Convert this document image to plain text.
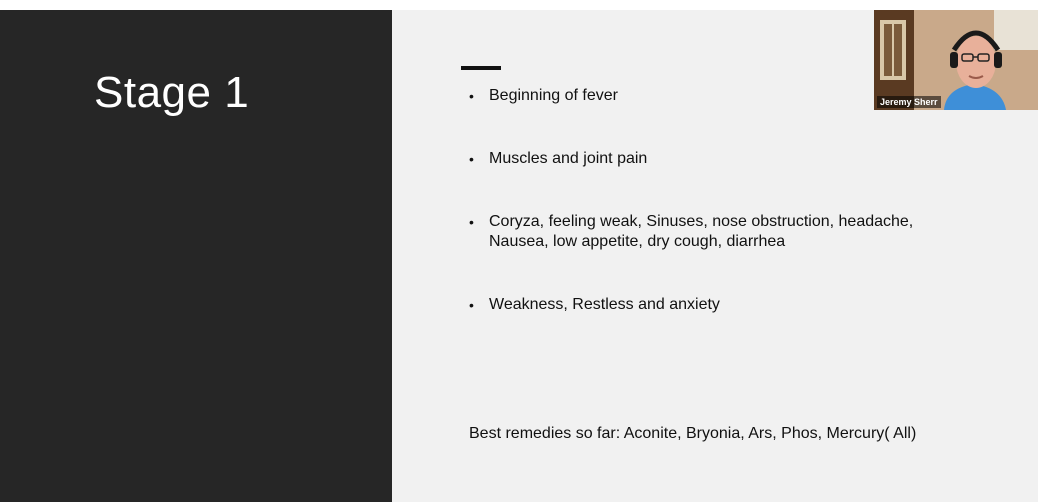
Stage 1	• Beginning of fever
• Muscles and joint pain
• Coryza, feeling weak, Sinuses, nose obstruction, headache, Nausea, low appetite, dry cough, diarrhea
• Weakness, Restless and anxiety

Best remedies so far: Aconite, Bryonia, Ars, Phos, Mercury( All)

Jeremy Sherr
